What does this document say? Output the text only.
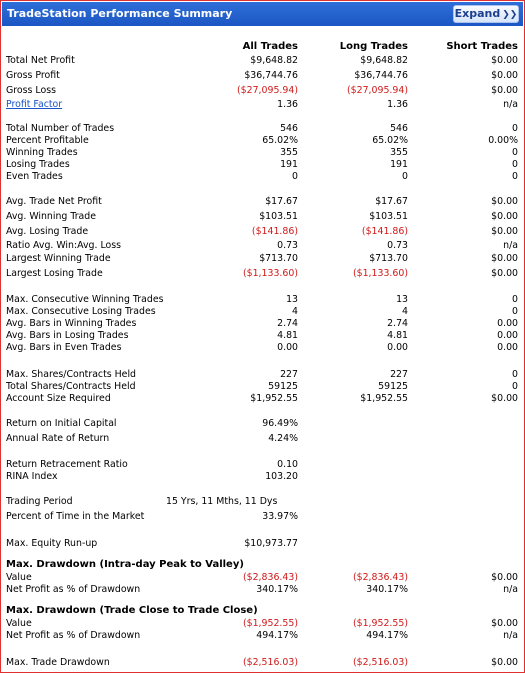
TradeStation Performance Summary	Expand ❯❯
All Trades	Long Trades	Short Trades
Total Net Profit	$9,648.82	$9,648.82	$0.00
Gross Profit	$36,744.76	$36,744.76	$0.00
Gross Loss	($27,095.94)	($27,095.94)	$0.00
Profit Factor	1.36	1.36	n/a
Total Number of Trades	546	546	0
Percent Profitable	65.02%	65.02%	0.00%
Winning Trades	355	355	0
Losing Trades	191	191	0
Even Trades	0	0	0
Avg. Trade Net Profit	$17.67	$17.67	$0.00
Avg. Winning Trade	$103.51	$103.51	$0.00
Avg. Losing Trade	($141.86)	($141.86)	$0.00
Ratio Avg. Win:Avg. Loss	0.73	0.73	n/a
Largest Winning Trade	$713.70	$713.70	$0.00
Largest Losing Trade	($1,133.60)	($1,133.60)	$0.00
Max. Consecutive Winning Trades	13	13	0
Max. Consecutive Losing Trades	4	4	0
Avg. Bars in Winning Trades	2.74	2.74	0.00
Avg. Bars in Losing Trades	4.81	4.81	0.00
Avg. Bars in Even Trades	0.00	0.00	0.00
Max. Shares/Contracts Held	227	227	0
Total Shares/Contracts Held	59125	59125	0
Account Size Required	$1,952.55	$1,952.55	$0.00
Return on Initial Capital	96.49%
Annual Rate of Return	4.24%
Return Retracement Ratio	0.10
RINA Index	103.20
Trading Period	15 Yrs, 11 Mths, 11 Dys
Percent of Time in the Market	33.97%
Max. Equity Run-up	$10,973.77
Max. Drawdown (Intra-day Peak to Valley)
Value	($2,836.43)	($2,836.43)	$0.00
Net Profit as % of Drawdown	340.17%	340.17%	n/a
Max. Drawdown (Trade Close to Trade Close)
Value	($1,952.55)	($1,952.55)	$0.00
Net Profit as % of Drawdown	494.17%	494.17%	n/a
Max. Trade Drawdown	($2,516.03)	($2,516.03)	$0.00
